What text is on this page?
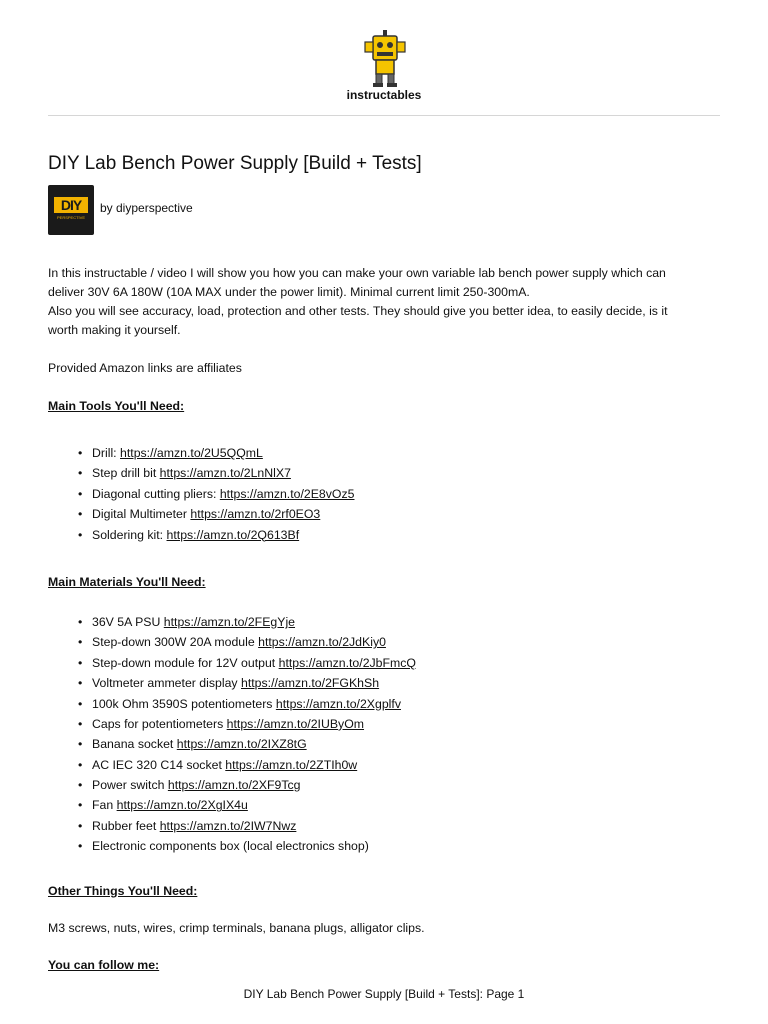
instructables
DIY Lab Bench Power Supply [Build + Tests]
DIY
PERSPECTIVE
by diyperspective

In this instructable / video I will show you how you can make your own variable lab bench power supply which can

deliver 30V 6A 180W (10A MAX under the power limit). Minimal current limit 250-300mA.

Also you will see accuracy, load, protection and other tests. They should give you better idea, to easily decide, is it

worth making it yourself.

Provided Amazon links are affiliates

Main Tools You'll Need:

• Drill: https://amzn.to/2U5QQmL
• Step drill bit https://amzn.to/2LnNlX7
• Diagonal cutting pliers: https://amzn.to/2E8vOz5
• Digital Multimeter https://amzn.to/2rf0EO3
• Soldering kit: https://amzn.to/2Q613Bf

Main Materials You'll Need:

• 36V 5A PSU https://amzn.to/2FEgYje
• Step-down 300W 20A module https://amzn.to/2JdKiy0
• Step-down module for 12V output https://amzn.to/2JbFmcQ
• Voltmeter ammeter display https://amzn.to/2FGKhSh
• 100k Ohm 3590S potentiometers https://amzn.to/2Xgplfv
• Caps for potentiometers https://amzn.to/2IUByOm
• Banana socket https://amzn.to/2IXZ8tG
• AC IEC 320 C14 socket https://amzn.to/2ZTIh0w
• Power switch https://amzn.to/2XF9Tcg
• Fan https://amzn.to/2XgIX4u
• Rubber feet https://amzn.to/2IW7Nwz
• Electronic components box (local electronics shop)

Other Things You'll Need:

M3 screws, nuts, wires, crimp terminals, banana plugs, alligator clips.

You can follow me:

DIY Lab Bench Power Supply [Build + Tests]: Page 1
